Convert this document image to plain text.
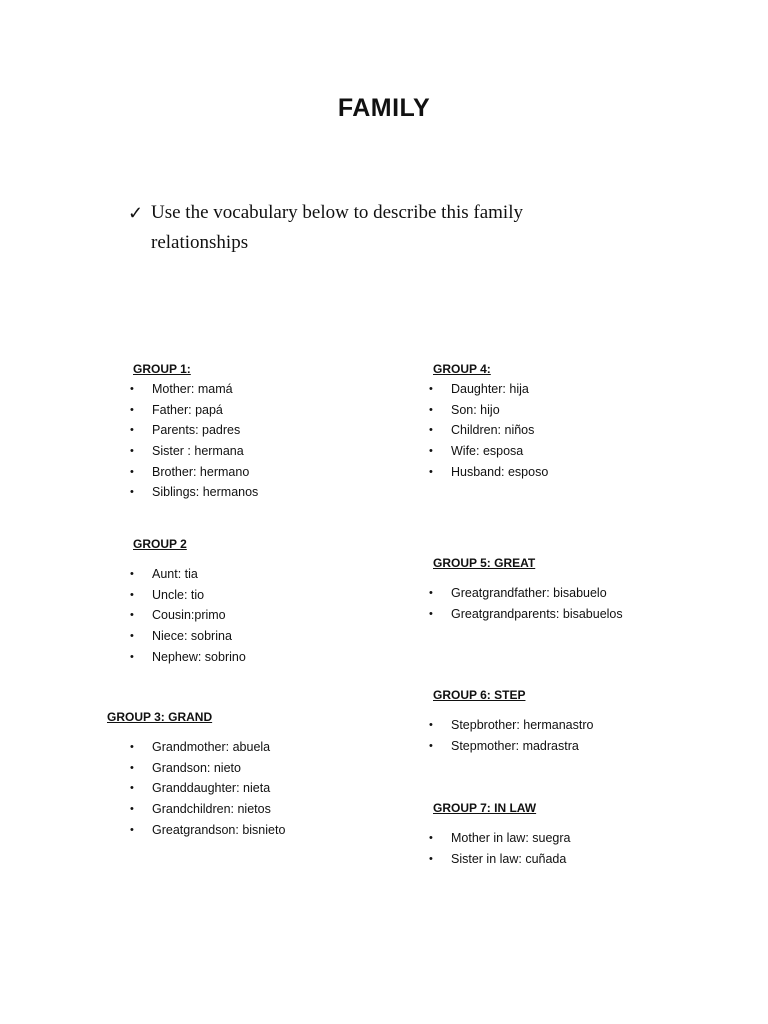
FAMILY
✓ Use the vocabulary below to describe this family
relationships
GROUP 1:
• Mother: mamá
• Father: papá
• Parents: padres
• Sister : hermana
• Brother: hermano
• Siblings: hermanos
GROUP 2
• Aunt: tia
• Uncle: tio
• Cousin:primo
• Niece: sobrina
• Nephew: sobrino
GROUP 3: GRAND
• Grandmother: abuela
• Grandson: nieto
• Granddaughter: nieta
• Grandchildren: nietos
• Greatgrandson: bisnieto
GROUP 4:
• Daughter: hija
• Son: hijo
• Children: niños
• Wife: esposa
• Husband: esposo
GROUP 5: GREAT
• Greatgrandfather: bisabuelo
• Greatgrandparents: bisabuelos
GROUP 6: STEP
• Stepbrother: hermanastro
• Stepmother: madrastra
GROUP 7: IN LAW
• Mother in law: suegra
• Sister in law: cuñada
